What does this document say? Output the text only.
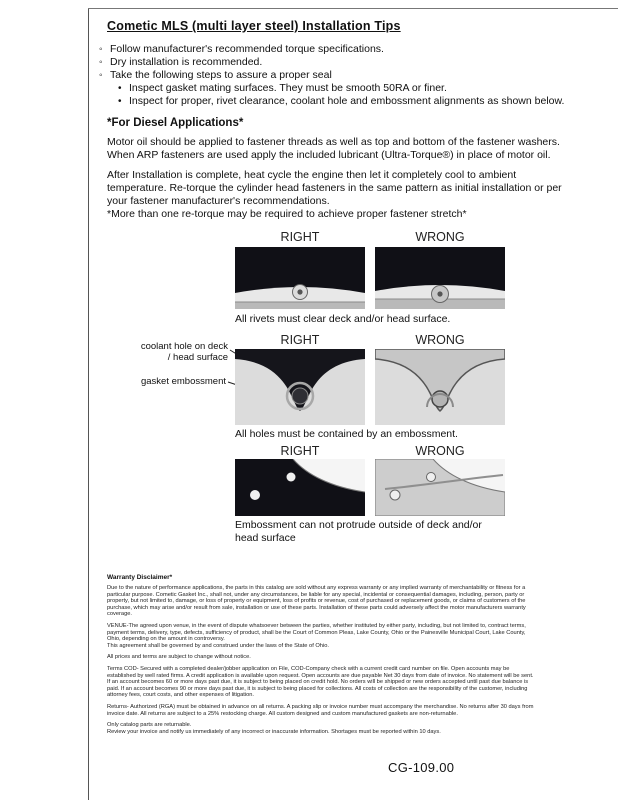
Cometic MLS (multi layer steel) Installation Tips
◦ Follow manufacturer's recommended torque specifications.
◦ Dry installation is recommended.
◦ Take the following steps to assure a proper seal
• Inspect gasket mating surfaces. They must be smooth 50RA or finer.
• Inspect for proper, rivet clearance, coolant hole and embossment alignments as shown below.
*For Diesel Applications*
Motor oil should be applied to fastener threads as well as top and bottom of the fastener washers. When ARP fasteners are used apply the included lubricant (Ultra-Torque®) in place of motor oil.
After Installation is complete, heat cycle the engine then let it completely cool to ambient temperature. Re-torque the cylinder head fasteners in the same pattern as initial installation or per your fastener manufacturer's recommendations.
*More than one re-torque may be required to achieve proper fastener stretch*
RIGHT	WRONG
All rivets must clear deck and/or head surface.
RIGHT	WRONG
coolant hole on deck / head surface
gasket embossment
All holes must be contained by an embossment.
RIGHT	WRONG
Embossment can not protrude outside of deck and/or head surface
Warranty Disclaimer*
Due to the nature of performance applications, the parts in this catalog are sold without any express warranty or any implied warranty of merchantability or fitness for a particular purpose. Cometic Gasket Inc., shall not, under any circumstances, be liable for any special, incidental or consequential damages, including, person, party or property, but not limited to, damage, or loss of property or equipment, loss of profits or revenue, cost of purchased or replacement goods, or claims of customers of the purchase, which may arise and/or result from sale, installation or use of these parts. Installation of these parts could adversely affect the motor manufacturers warranty coverage.
VENUE-The agreed upon venue, in the event of dispute whatsoever between the parties, whether instituted by either party, including, but not limited to, contract terms, payment terms, delivery, type, defects, sufficiency of product, shall be the Court of Common Pleas, Lake County, Ohio or the Painesville Municipal Court, Lake County, Ohio, depending on the amount in controversy.
This agreement shall be governed by and construed under the laws of the State of Ohio.
All prices and terms are subject to change without notice.
Terms COD- Secured with a completed dealer/jobber application on File, COD-Company check with a current credit card number on file. Open accounts may be established by well rated firms. A credit application is available upon request. Open accounts are due payable Net 30 days from date of invoice. No statement will be sent. If an account becomes 60 or more days past due, it is subject to being placed on credit hold. No orders will be shipped or new orders accepted until past due balance is paid. If an account becomes 90 or more days past due, it is subject to being placed for collections. All costs of collection are the responsibility of the customer, including attorney fees, court costs, and other expenses of litigation.
Returns- Authorized (RGA) must be obtained in advance on all returns. A packing slip or invoice number must accompany the merchandise. No returns after 30 days from invoice date. All returns are subject to a 25% restocking charge. All custom designed and custom manufactured gaskets are non-returnable.
Only catalog parts are returnable.
Review your invoice and notify us immediately of any incorrect or inaccurate information. Shortages must be reported within 10 days.
CG-109.00
